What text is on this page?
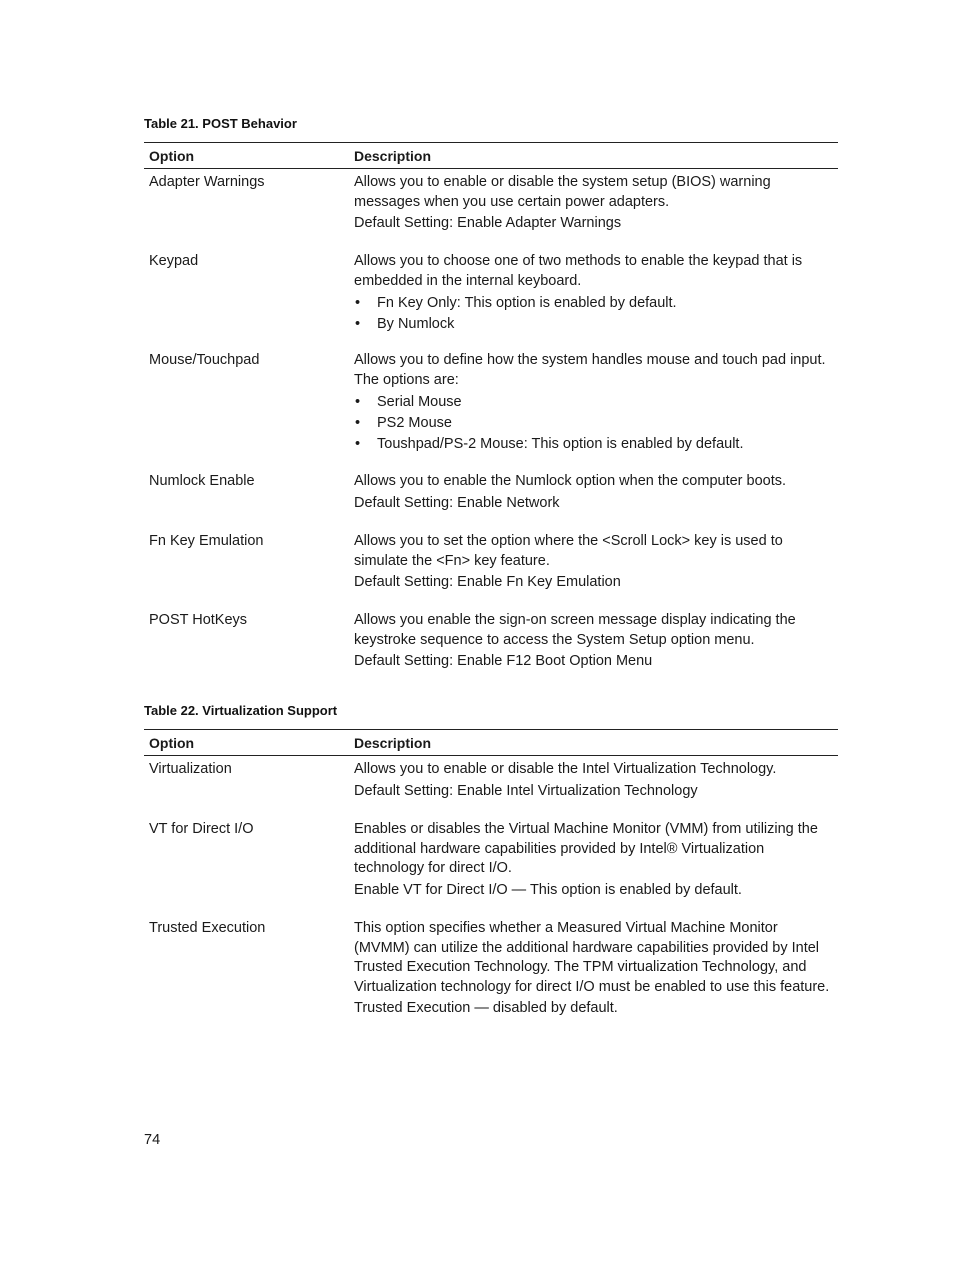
Table 21. POST Behavior
Option	Description
Adapter Warnings	Allows you to enable or disable the system setup (BIOS) warning messages when you use certain power adapters.

Default Setting: Enable Adapter Warnings

Keypad	Allows you to choose one of two methods to enable the keypad that is embedded in the internal keyboard.

• Fn Key Only: This option is enabled by default.
• By Numlock
Mouse/Touchpad	Allows you to define how the system handles mouse and touch pad input. The options are:

• Serial Mouse
• PS2 Mouse
• Toushpad/PS-2 Mouse: This option is enabled by default.
Numlock Enable	Allows you to enable the Numlock option when the computer boots.

Default Setting: Enable Network

Fn Key Emulation	Allows you to set the option where the <Scroll Lock> key is used to simulate the <Fn> key feature.

Default Setting: Enable Fn Key Emulation

POST HotKeys	Allows you enable the sign-on screen message display indicating the keystroke sequence to access the System Setup option menu.

Default Setting: Enable F12 Boot Option Menu

Table 22. Virtualization Support
Option	Description
Virtualization	Allows you to enable or disable the Intel Virtualization Technology.

Default Setting: Enable Intel Virtualization Technology

VT for Direct I/O	Enables or disables the Virtual Machine Monitor (VMM) from utilizing the additional hardware capabilities provided by Intel® Virtualization technology for direct I/O.

Enable VT for Direct I/O — This option is enabled by default.

Trusted Execution	This option specifies whether a Measured Virtual Machine Monitor (MVMM) can utilize the additional hardware capabilities provided by Intel Trusted Execution Technology. The TPM virtualization Technology, and Virtualization technology for direct I/O must be enabled to use this feature.

Trusted Execution — disabled by default.

74
